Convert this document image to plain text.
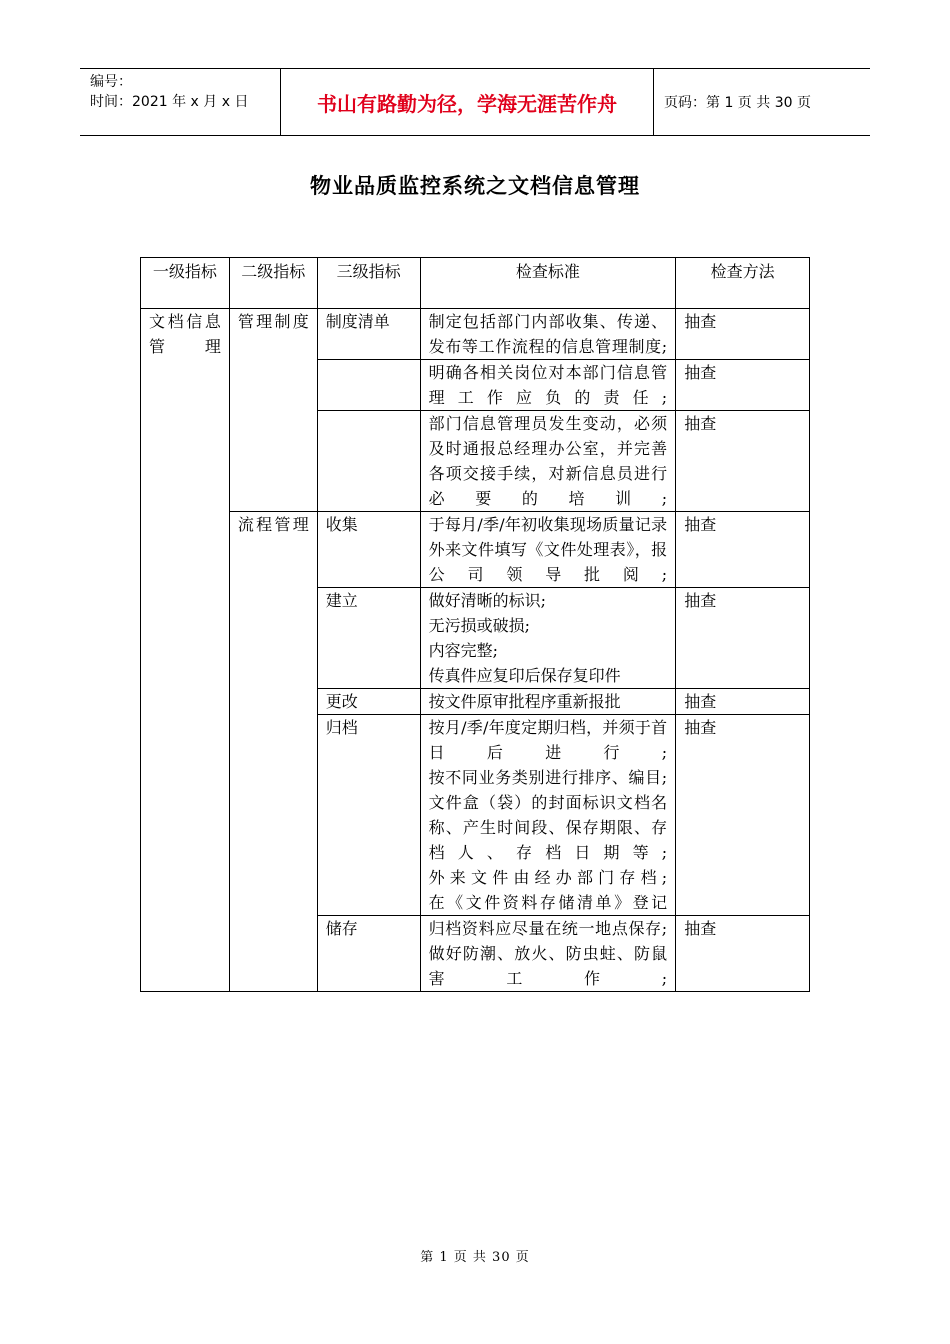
编号：
时间：2021 年 x 月 x 日	书山有路勤为径，学海无涯苦作舟	页码：第 1 页 共 30 页
物业品质监控系统之文档信息管理
一级指标	二级指标	三级指标	检查标准	检查方法
文档信息管理	管理制度	制度清单	制定包括部门内部收集、传递、发布等工作流程的信息管理制度;	抽查

			明确各相关岗位对本部门信息管理工作应负的责任;	抽查

			部门信息管理员发生变动，必须及时通报总经理办公室，并完善各项交接手续，对新信息员进行必要的培训;	抽查
	流程管理	收集	于每月/季/年初收集现场质量记录
外来文件填写《文件处理表》，报公司领导批阅;	抽查
		建立	做好清晰的标识;
无污损或破损;
内容完整;
传真件应复印后保存复印件	抽查
		更改	按文件原审批程序重新报批	抽查
		归档	按月/季/年度定期归档，并须于首日后进行;
按不同业务类别进行排序、编目;
文件盒（袋）的封面标识文档名称、产生时间段、保存期限、存档人、存档日期等;
外来文件由经办部门存档;
在《文件资料存储清单》登记	抽查
		储存	归档资料应尽量在统一地点保存;
做好防潮、放火、防虫蛀、防鼠害工作;	抽查
第 1 页 共 30 页
